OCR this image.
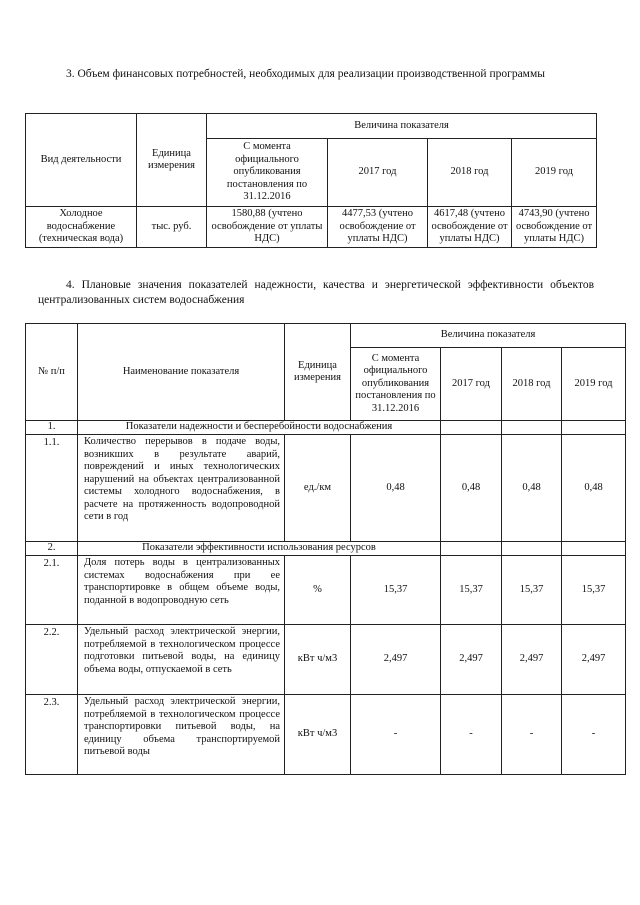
3. Объем финансовых потребностей, необходимых для реализации производственной программы
Вид деятельности	Единица измерения	Величина показателя			
		С момента официального опубликования постановления по 31.12.2016	2017 год	2018 год	2019 год
Холодное водоснабжение (техническая вода)	тыс. руб.	1580,88 (учтено освобождение от уплаты НДС)	4477,53 (учтено освобождение от уплаты НДС)	4617,48 (учтено освобождение от уплаты НДС)	4743,90 (учтено освобождение от уплаты НДС)
4. Плановые значения показателей надежности, качества и энергетической эффективности объектов централизованных систем водоснабжения
№ п/п	Наименование показателя	Единица измерения	Величина показателя			
			С момента официального опубликования постановления по 31.12.2016	2017 год	2018 год	2019 год
1.	Показатели надежности и бесперебойности водоснабжения					
1.1.	Количество перерывов в подаче воды, возникших в результате аварий, повреждений и иных технологических нарушений на объектах централизованной системы холодного водоснабжения, в расчете на протяженность водопроводной сети в год	ед./км	0,48	0,48	0,48	0,48
2.	Показатели эффективности использования ресурсов					
2.1.	Доля потерь воды в централизованных системах водоснабжения при ее транспортировке в общем объеме воды, поданной в водопроводную сеть	%	15,37	15,37	15,37	15,37
2.2.	Удельный расход электрической энергии, потребляемой в технологическом процессе подготовки питьевой воды, на единицу объема воды, отпускаемой в сеть	кВт ч/м3	2,497	2,497	2,497	2,497
2.3.	Удельный расход электрической энергии, потребляемой в технологическом процессе транспортировки питьевой воды, на единицу объема транспортируемой питьевой воды	кВт ч/м3	-	-	-	-
